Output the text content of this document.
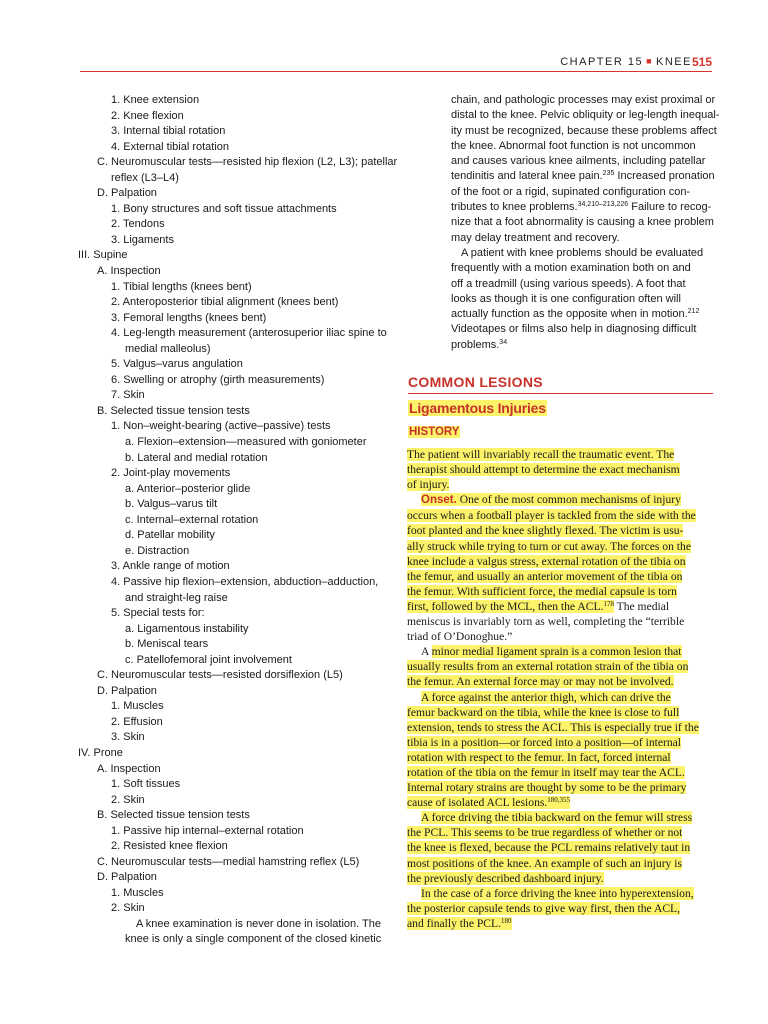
CHAPTER 15 ■ KNEE 515
1. Knee extension
2. Knee flexion
3. Internal tibial rotation
4. External tibial rotation
C. Neuromuscular tests—resisted hip flexion (L2, L3); patellar
reflex (L3–L4)
D. Palpation
1. Bony structures and soft tissue attachments
2. Tendons
3. Ligaments
III. Supine
A. Inspection
1. Tibial lengths (knees bent)
2. Anteroposterior tibial alignment (knees bent)
3. Femoral lengths (knees bent)
4. Leg-length measurement (anterosuperior iliac spine to
medial malleolus)
5. Valgus–varus angulation
6. Swelling or atrophy (girth measurements)
7. Skin
B. Selected tissue tension tests
1. Non–weight-bearing (active–passive) tests
a. Flexion–extension—measured with goniometer
b. Lateral and medial rotation
2. Joint-play movements
a. Anterior–posterior glide
b. Valgus–varus tilt
c. Internal–external rotation
d. Patellar mobility
e. Distraction
3. Ankle range of motion
4. Passive hip flexion–extension, abduction–adduction,
and straight-leg raise
5. Special tests for:
a. Ligamentous instability
b. Meniscal tears
c. Patellofemoral joint involvement
C. Neuromuscular tests—resisted dorsiflexion (L5)
D. Palpation
1. Muscles
2. Effusion
3. Skin
IV. Prone
A. Inspection
1. Soft tissues
2. Skin
B. Selected tissue tension tests
1. Passive hip internal–external rotation
2. Resisted knee flexion
C. Neuromuscular tests—medial hamstring reflex (L5)
D. Palpation
1. Muscles
2. Skin
A knee examination is never done in isolation. The
knee is only a single component of the closed kinetic
chain, and pathologic processes may exist proximal or
distal to the knee. Pelvic obliquity or leg-length inequal-
ity must be recognized, because these problems affect
the knee. Abnormal foot function is not uncommon
and causes various knee ailments, including patellar
tendinitis and lateral knee pain.$^{235}$ Increased pronation
of the foot or a rigid, supinated configuration con-
tributes to knee problems.$^{34,210-213,226}$ Failure to recog-
nize that a foot abnormality is causing a knee problem
may delay treatment and recovery.
A patient with knee problems should be evaluated
frequently with a motion examination both on and
off a treadmill (using various speeds). A foot that
looks as though it is one configuration often will
actually function as the opposite when in motion.$^{212}$
Videotapes or films also help in diagnosing difficult
problems.$^{34}$
COMMON LESIONS
Ligamentous Injuries
HISTORY
The patient will invariably recall the traumatic event. The
therapist should attempt to determine the exact mechanism
of injury.
Onset. One of the most common mechanisms of injury
occurs when a football player is tackled from the side with the
foot planted and the knee slightly flexed. The victim is usu-
ally struck while trying to turn or cut away. The forces on the
knee include a valgus stress, external rotation of the tibia on
the femur, and usually an anterior movement of the tibia on
the femur. With sufficient force, the medial capsule is torn
first, followed by the MCL, then the ACL.$^{178}$ The medial
meniscus is invariably torn as well, completing the “terrible
triad of O’Donoghue.”
A minor medial ligament sprain is a common lesion that
usually results from an external rotation strain of the tibia on
the femur. An external force may or may not be involved.
A force against the anterior thigh, which can drive the
femur backward on the tibia, while the knee is close to full
extension, tends to stress the ACL. This is especially true if the
tibia is in a position—or forced into a position—of internal
rotation with respect to the femur. In fact, forced internal
rotation of the tibia on the femur in itself may tear the ACL.
Internal rotary strains are thought by some to be the primary
cause of isolated ACL lesions.$^{180,355}$
A force driving the tibia backward on the femur will stress
the PCL. This seems to be true regardless of whether or not
the knee is flexed, because the PCL remains relatively taut in
most positions of the knee. An example of such an injury is
the previously described dashboard injury.
In the case of a force driving the knee into hyperextension,
the posterior capsule tends to give way first, then the ACL,
and finally the PCL.$^{180}$
